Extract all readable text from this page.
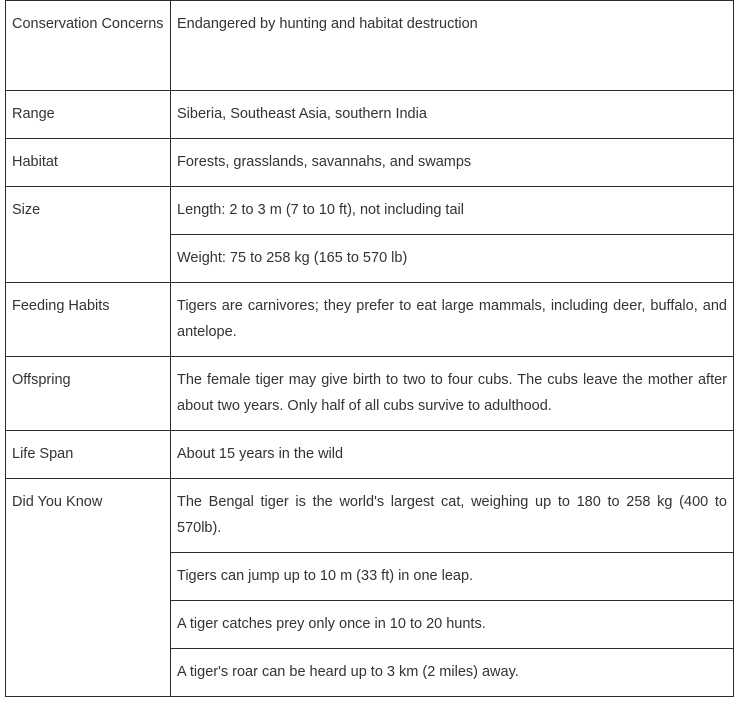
Conservation Concerns	Endangered by hunting and habitat destruction
Range	Siberia, Southeast Asia, southern India
Habitat	Forests, grasslands, savannahs, and swamps
Size	Length: 2 to 3 m (7 to 10 ft), not including tail
	Weight: 75 to 258 kg (165 to 570 lb)
Feeding Habits	Tigers are carnivores; they prefer to eat large mammals, including deer, buffalo, and antelope.
Offspring	The female tiger may give birth to two to four cubs. The cubs leave the mother after about two years. Only half of all cubs survive to adulthood.
Life Span	About 15 years in the wild
Did You Know	The Bengal tiger is the world's largest cat, weighing up to 180 to 258 kg (400 to 570lb).
	Tigers can jump up to 10 m (33 ft) in one leap.
	A tiger catches prey only once in 10 to 20 hunts.
	A tiger's roar can be heard up to 3 km (2 miles) away.
